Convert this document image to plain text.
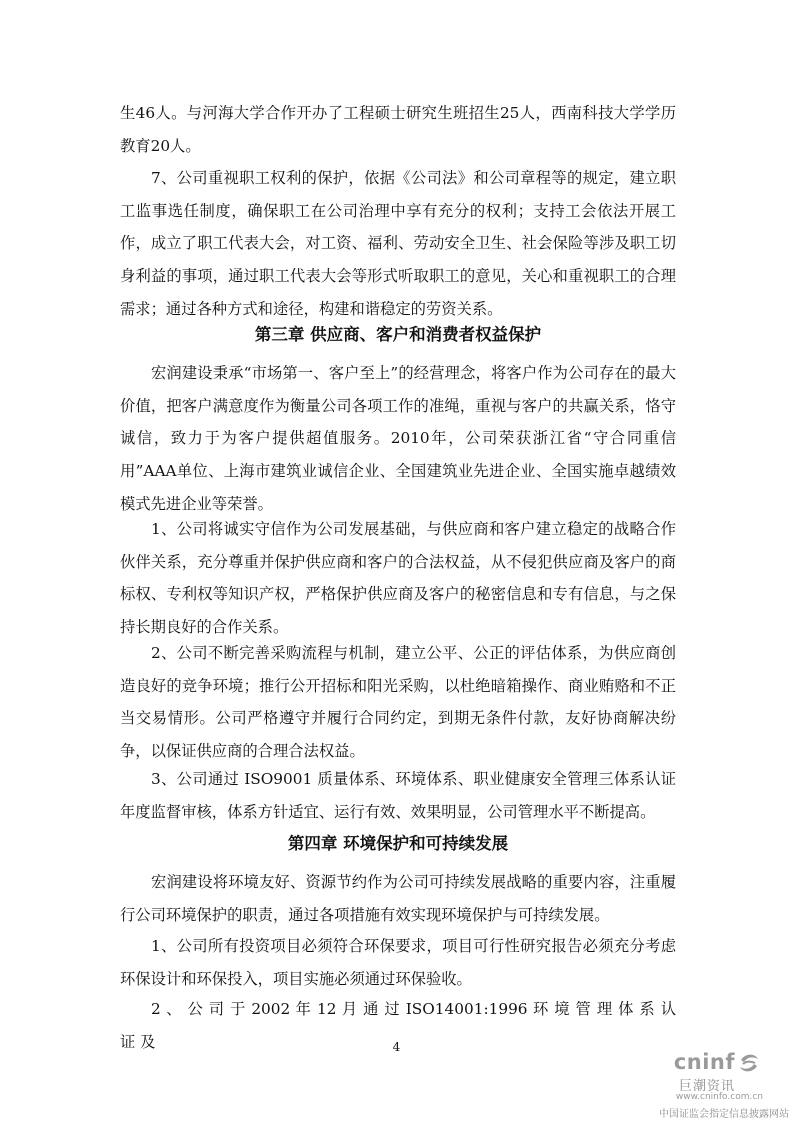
生46人。与河海大学合作开办了工程硕士研究生班招生25人，西南科技大学学历教育20人。

7、公司重视职工权利的保护，依据《公司法》和公司章程等的规定，建立职工监事选任制度，确保职工在公司治理中享有充分的权利；支持工会依法开展工作，成立了职工代表大会，对工资、福利、劳动安全卫生、社会保险等涉及职工切身利益的事项，通过职工代表大会等形式听取职工的意见，关心和重视职工的合理需求；通过各种方式和途径，构建和谐稳定的劳资关系。

第三章 供应商、客户和消费者权益保护

宏润建设秉承“市场第一、客户至上”的经营理念，将客户作为公司存在的最大价值，把客户满意度作为衡量公司各项工作的准绳，重视与客户的共赢关系，恪守诚信，致力于为客户提供超值服务。2010年，公司荣获浙江省“守合同重信用”AAA单位、上海市建筑业诚信企业、全国建筑业先进企业、全国实施卓越绩效模式先进企业等荣誉。

1、公司将诚实守信作为公司发展基础，与供应商和客户建立稳定的战略合作伙伴关系，充分尊重并保护供应商和客户的合法权益，从不侵犯供应商及客户的商标权、专利权等知识产权，严格保护供应商及客户的秘密信息和专有信息，与之保持长期良好的合作关系。

2、公司不断完善采购流程与机制，建立公平、公正的评估体系，为供应商创造良好的竞争环境；推行公开招标和阳光采购，以杜绝暗箱操作、商业贿赂和不正当交易情形。公司严格遵守并履行合同约定，到期无条件付款，友好协商解决纷争，以保证供应商的合理合法权益。

3、公司通过 ISO9001 质量体系、环境体系、职业健康安全管理三体系认证年度监督审核，体系方针适宜、运行有效、效果明显，公司管理水平不断提高。

第四章 环境保护和可持续发展

宏润建设将环境友好、资源节约作为公司可持续发展战略的重要内容，注重履行公司环境保护的职责，通过各项措施有效实现环境保护与可持续发展。

1、公司所有投资项目必须符合环保要求，项目可行性研究报告必须充分考虑环保设计和环保投入，项目实施必须通过环保验收。

2 、 公 司 于 2002 年 12 月 通 过 ISO14001:1996 环 境 管 理 体 系 认 证 及	4
cninf
巨潮资讯
www.cninfo.com.cn
中国证监会指定信息披露网站
